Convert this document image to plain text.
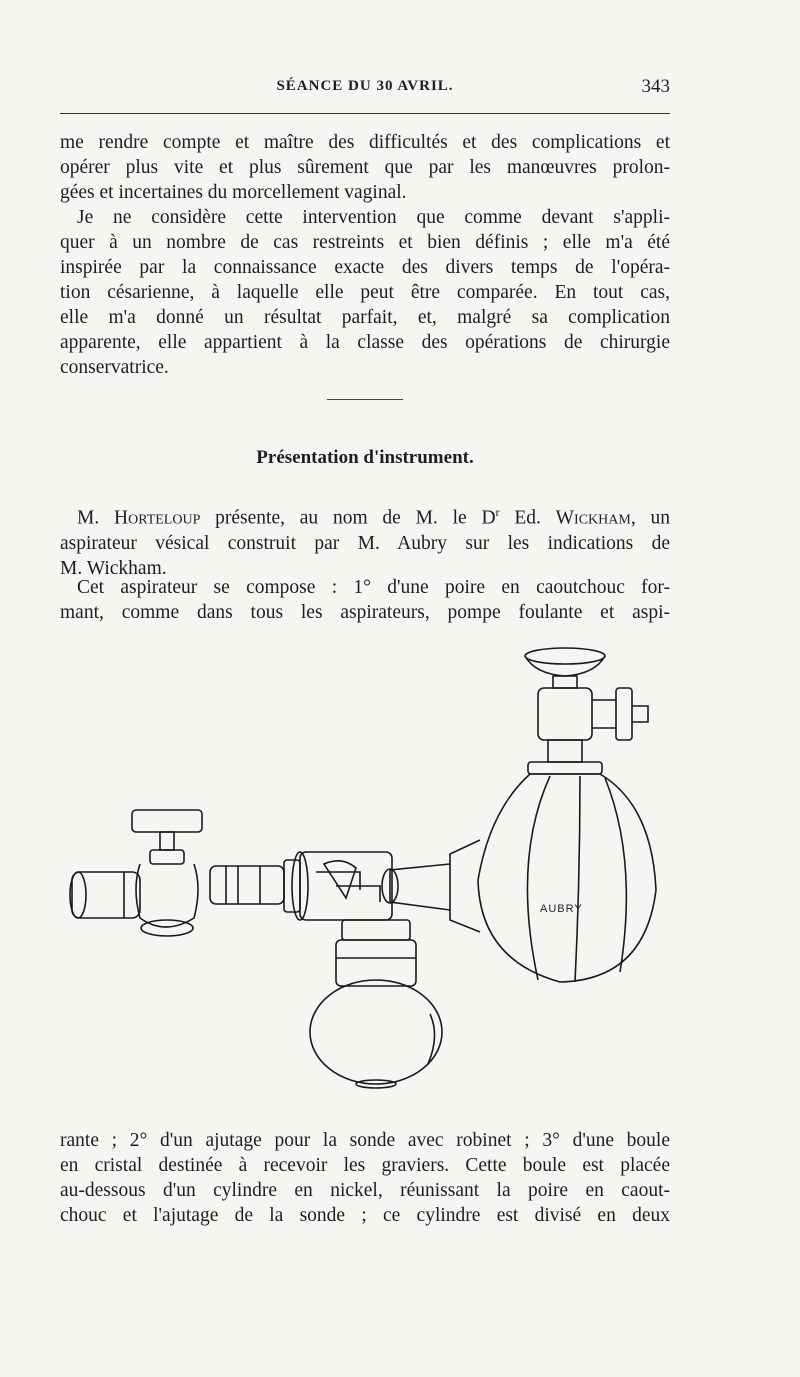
SÉANCE DU 30 AVRIL.	343
me rendre compte et maître des difficultés et des complications et
opérer plus vite et plus sûrement que par les manœuvres prolon-
gées et incertaines du morcellement vaginal.
Je ne considère cette intervention que comme devant s'appli-
quer à un nombre de cas restreints et bien définis ; elle m'a été
inspirée par la connaissance exacte des divers temps de l'opéra-
tion césarienne, à laquelle elle peut être comparée. En tout cas,
elle m'a donné un résultat parfait, et, malgré sa complication
apparente, elle appartient à la classe des opérations de chirurgie
conservatrice.
Présentation d'instrument.
M. Horteloup présente, au nom de M. le $D^r$ Ed. Wickham, un
aspirateur vésical construit par M. Aubry sur les indications de
M. Wickham.
Cet aspirateur se compose : 1° d'une poire en caoutchouc for-
mant, comme dans tous les aspirateurs, pompe foulante et aspi-
AUBRY
rante ; 2° d'un ajutage pour la sonde avec robinet ; 3° d'une boule
en cristal destinée à recevoir les graviers. Cette boule est placée
au-dessous d'un cylindre en nickel, réunissant la poire en caout-
chouc et l'ajutage de la sonde ; ce cylindre est divisé en deux
